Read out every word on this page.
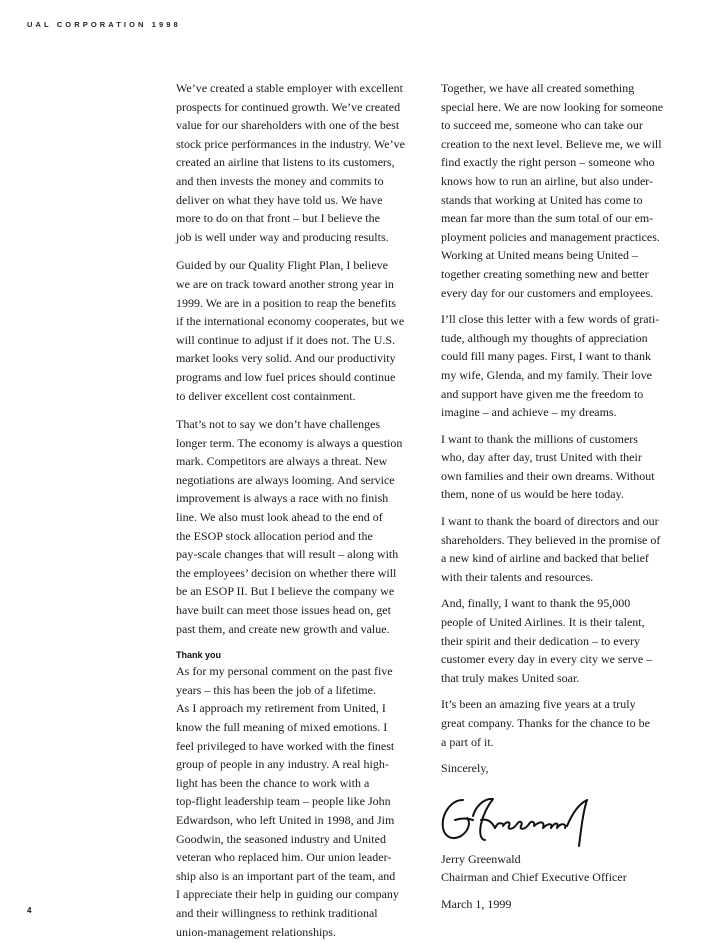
UAL CORPORATION 1998

We’ve created a stable employer with excellent
prospects for continued growth. We’ve created
value for our shareholders with one of the best
stock price performances in the industry. We’ve
created an airline that listens to its customers,
and then invests the money and commits to
deliver on what they have told us. We have
more to do on that front – but I believe the
job is well under way and producing results.

Guided by our Quality Flight Plan, I believe
we are on track toward another strong year in
1999. We are in a position to reap the benefits
if the international economy cooperates, but we
will continue to adjust if it does not. The U.S.
market looks very solid. And our productivity
programs and low fuel prices should continue
to deliver excellent cost containment.

That’s not to say we don’t have challenges
longer term. The economy is always a question
mark. Competitors are always a threat. New
negotiations are always looming. And service
improvement is always a race with no finish
line. We also must look ahead to the end of
the ESOP stock allocation period and the
pay-scale changes that will result – along with
the employees’ decision on whether there will
be an ESOP II. But I believe the company we
have built can meet those issues head on, get
past them, and create new growth and value.

Thank you

As for my personal comment on the past five
years – this has been the job of a lifetime.
As I approach my retirement from United, I
know the full meaning of mixed emotions. I
feel privileged to have worked with the finest
group of people in any industry. A real high-
light has been the chance to work with a
top-flight leadership team – people like John
Edwardson, who left United in 1998, and Jim
Goodwin, the seasoned industry and United
veteran who replaced him. Our union leader-
ship also is an important part of the team, and
I appreciate their help in guiding our company
and their willingness to rethink traditional
union-management relationships.

Together, we have all created something
special here. We are now looking for someone
to succeed me, someone who can take our
creation to the next level. Believe me, we will
find exactly the right person – someone who
knows how to run an airline, but also under-
stands that working at United has come to
mean far more than the sum total of our em-
ployment policies and management practices.
Working at United means being United –
together creating something new and better
every day for our customers and employees.

I’ll close this letter with a few words of grati-
tude, although my thoughts of appreciation
could fill many pages. First, I want to thank
my wife, Glenda, and my family. Their love
and support have given me the freedom to
imagine – and achieve – my dreams.

I want to thank the millions of customers
who, day after day, trust United with their
own families and their own dreams. Without
them, none of us would be here today.

I want to thank the board of directors and our
shareholders. They believed in the promise of
a new kind of airline and backed that belief
with their talents and resources.

And, finally, I want to thank the 95,000
people of United Airlines. It is their talent,
their spirit and their dedication – to every
customer every day in every city we serve –
that truly makes United soar.

It’s been an amazing five years at a truly
great company. Thanks for the chance to be
a part of it.

Sincerely,

Jerry Greenwald

Chairman and Chief Executive Officer

March 1, 1999

4
